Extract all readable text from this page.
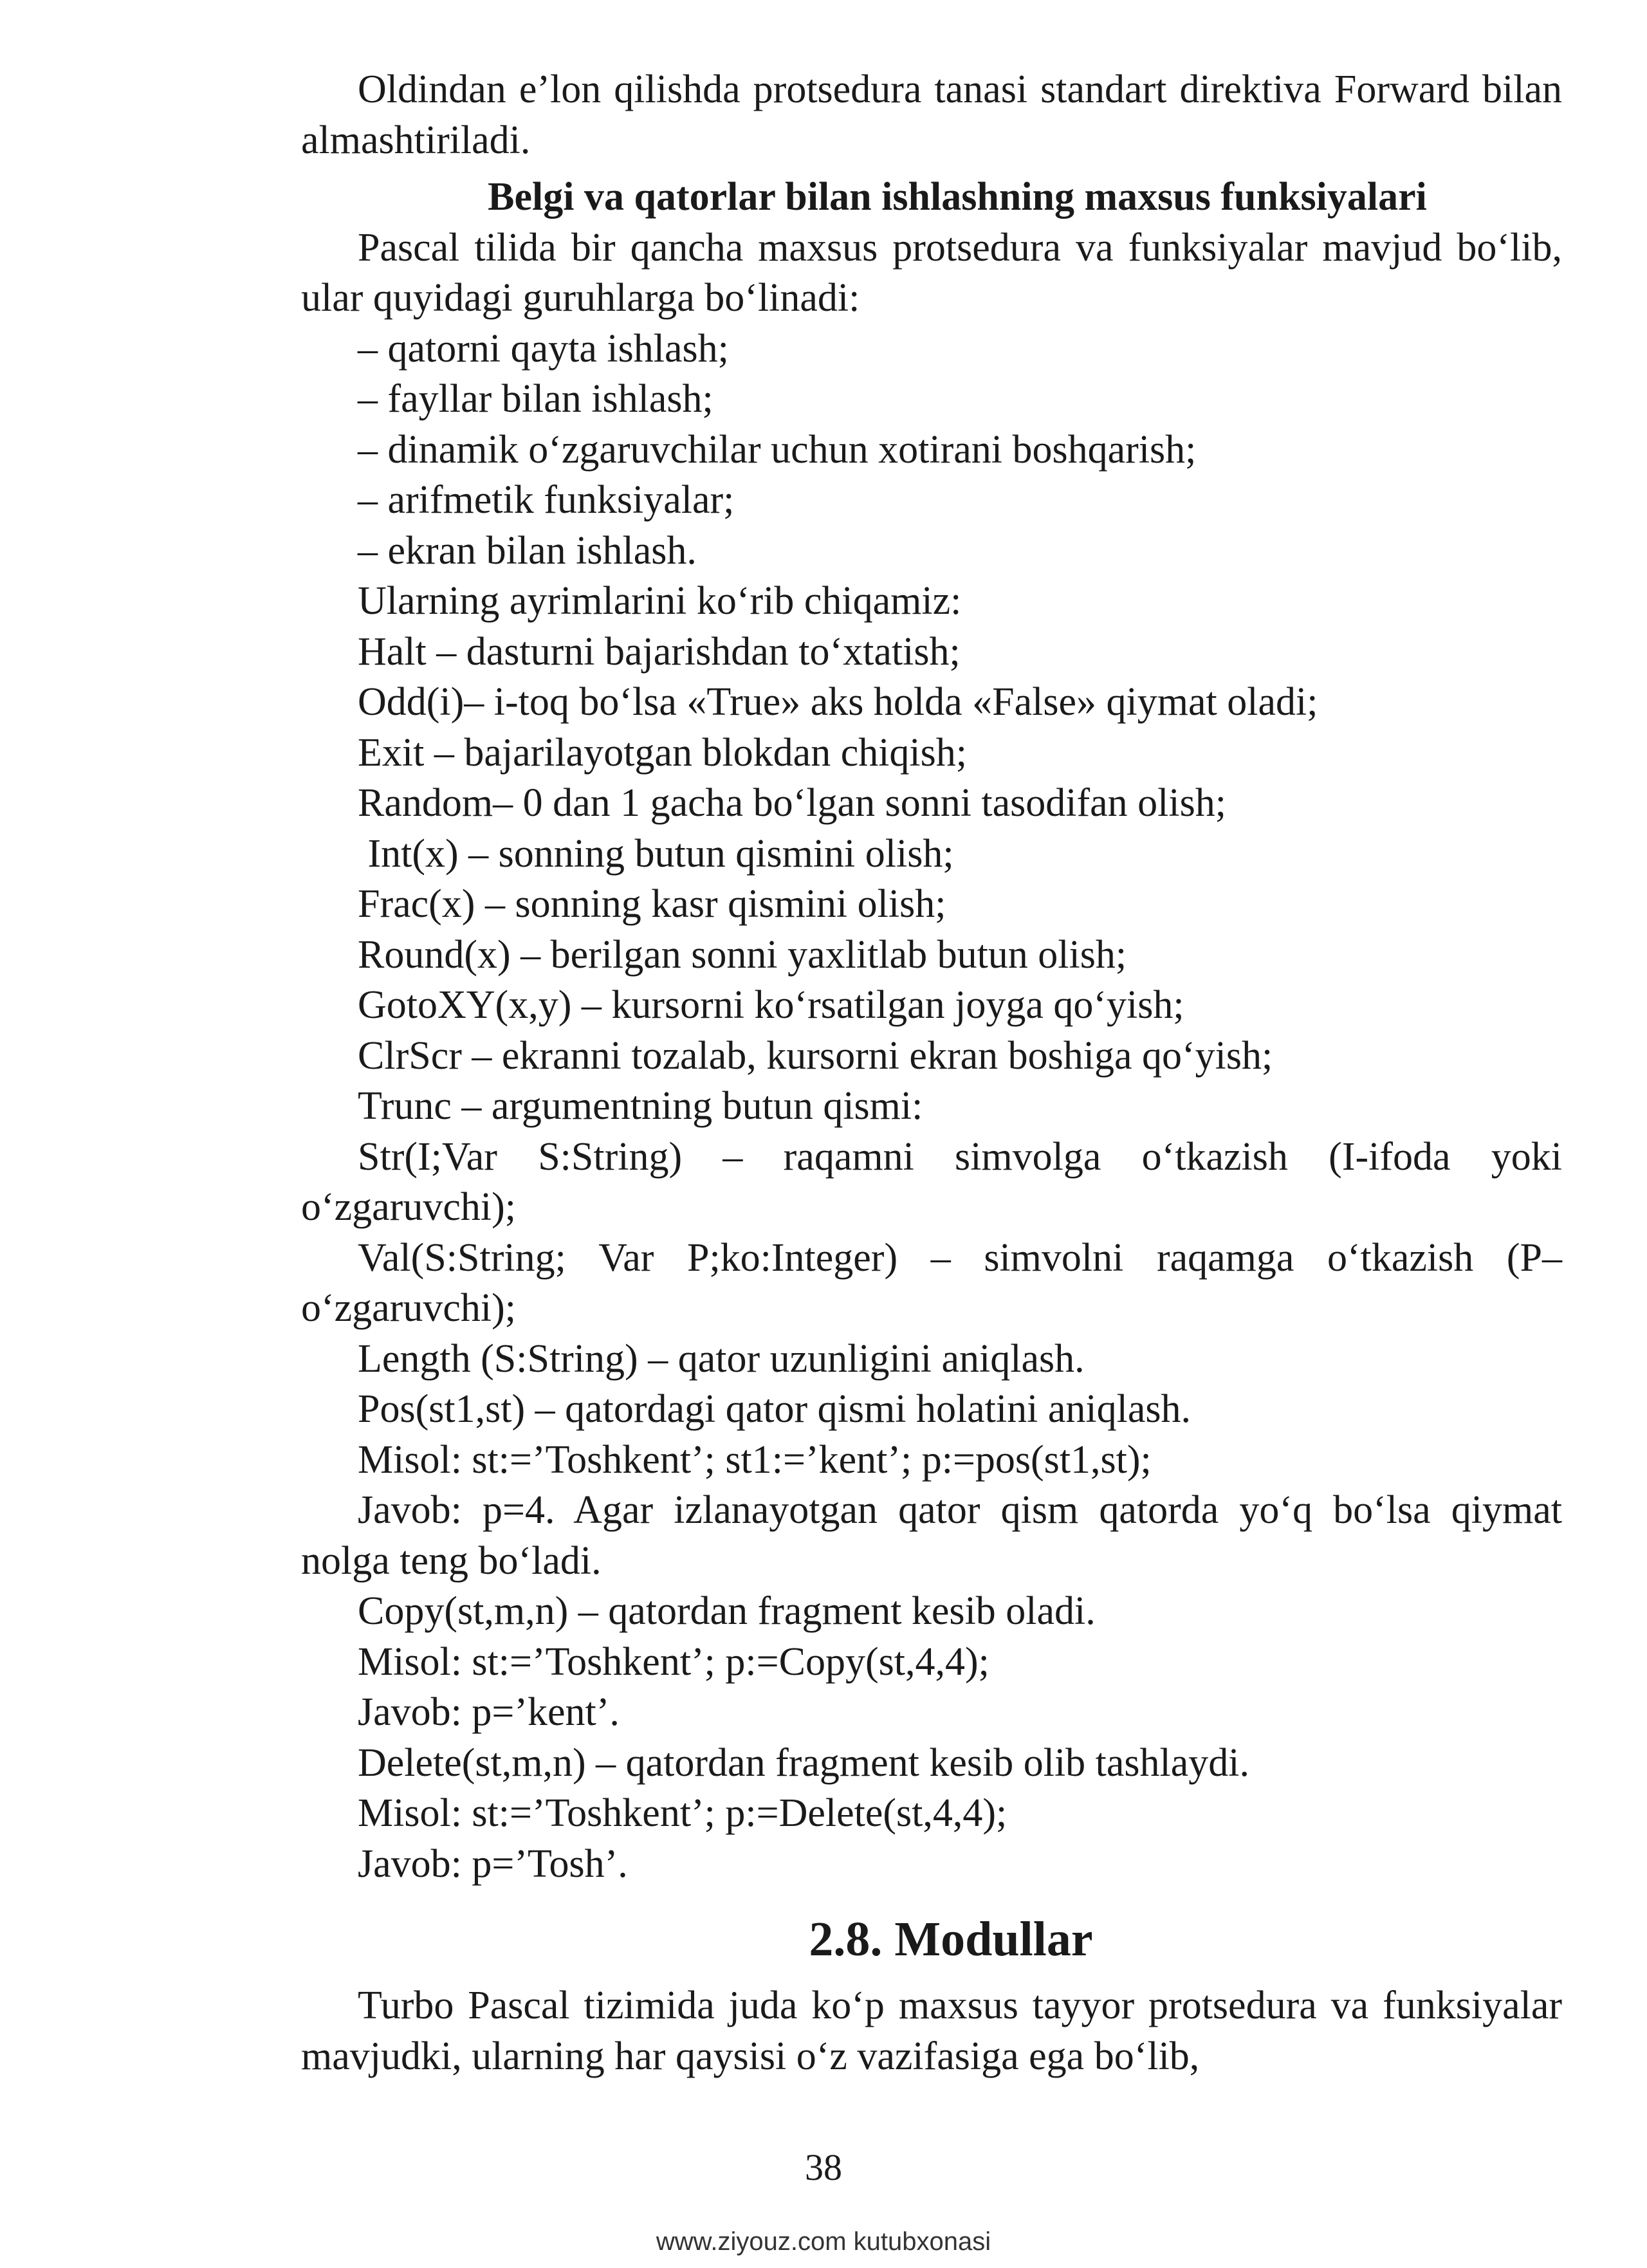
Oldindan e’lon qilishda protsedura tanasi standart direktiva Forward bilan almashtiriladi.

Belgi va qatorlar bilan ishlashning maxsus funksiyalari

Pascal tilida bir qancha maxsus protsedura va funksiyalar mavjud bo‘lib, ular quyidagi guruhlarga bo‘linadi:

– qatorni qayta ishlash;

– fayllar bilan ishlash;

– dinamik o‘zgaruvchilar uchun xotirani boshqarish;

– arifmetik funksiyalar;

– ekran bilan ishlash.

Ularning ayrimlarini ko‘rib chiqamiz:

Halt – dasturni bajarishdan to‘xtatish;

Odd(i)– i-toq bo‘lsa «True» aks holda «False» qiymat oladi;

Exit – bajarilayotgan blokdan chiqish;

Random– 0 dan 1 gacha bo‘lgan sonni tasodifan olish;

Int(x) – sonning butun qismini olish;

Frac(x) – sonning kasr qismini olish;

Round(x) – berilgan sonni yaxlitlab butun olish;

GotoXY(x,y) – kursorni ko‘rsatilgan joyga qo‘yish;

ClrScr – ekranni tozalab, kursorni ekran boshiga qo‘yish;

Trunc – argumentning butun qismi:

Str(I;Var S:String) – raqamni simvolga o‘tkazish (I-ifoda yoki o‘zgaruvchi);

Val(S:String; Var P;ko:Integer) – simvolni raqamga o‘tkazish (P– o‘zgaruvchi);

Length (S:String) – qator uzunligini aniqlash.

Pos(st1,st) – qatordagi qator qismi holatini aniqlash.

Misol: st:=’Toshkent’; st1:=’kent’; p:=pos(st1,st);

Javob: p=4. Agar izlanayotgan qator qism qatorda yo‘q bo‘lsa qiymat nolga teng bo‘ladi.

Copy(st,m,n) – qatordan fragment kesib oladi.

Misol: st:=’Toshkent’; p:=Copy(st,4,4);

Javob: p=’kent’.

Delete(st,m,n) – qatordan fragment kesib olib tashlaydi.

Misol: st:=’Toshkent’; p:=Delete(st,4,4);

Javob: p=’Tosh’.

2.8. Modullar

Turbo Pascal tizimida juda ko‘p maxsus tayyor protsedura va funksiyalar mavjudki, ularning har qaysisi o‘z vazifasiga ega bo‘lib,

38
www.ziyouz.com kutubxonasi
